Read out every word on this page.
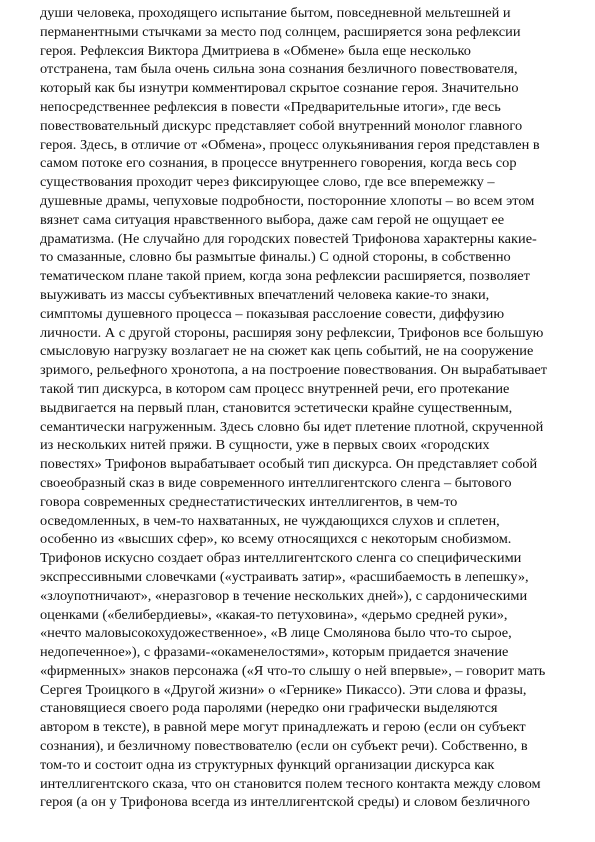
души человека, проходящего испытание бытом, повседневной мельтешней и
перманентными стычками за место под солнцем, расширяется зона рефлексии
героя. Рефлексия Виктора Дмитриева в «Обмене» была еще несколько
отстранена, там была очень сильна зона сознания безличного повествователя,
который как бы изнутри комментировал скрытое сознание героя. Значительно
непосредственнее рефлексия в повести «Предварительные итоги», где весь
повествовательный дискурс представляет собой внутренний монолог главного
героя. Здесь, в отличие от «Обмена», процесс олукьянивания героя представлен в
самом потоке его сознания, в процессе внутреннего говорения, когда весь сор
существования проходит через фиксирующее слово, где все вперемежку –
душевные драмы, чепуховые подробности, посторонние хлопоты – во всем этом
вязнет сама ситуация нравственного выбора, даже сам герой не ощущает ее
драматизма. (Не случайно для городских повестей Трифонова характерны какие-
то смазанные, словно бы размытые финалы.) С одной стороны, в собственно
тематическом плане такой прием, когда зона рефлексии расширяется, позволяет
выуживать из массы субъективных впечатлений человека какие-то знаки,
симптомы душевного процесса – показывая расслоение совести, диффузию
личности. А с другой стороны, расширяя зону рефлексии, Трифонов все большую
смысловую нагрузку возлагает не на сюжет как цепь событий, не на сооружение
зримого, рельефного хронотопа, а на построение повествования. Он вырабатывает
такой тип дискурса, в котором сам процесс внутренней речи, его протекание
выдвигается на первый план, становится эстетически крайне существенным,
семантически нагруженным. Здесь словно бы идет плетение плотной, скрученной
из нескольких нитей пряжи. В сущности, уже в первых своих «городских
повестях» Трифонов вырабатывает особый тип дискурса. Он представляет собой
своеобразный сказ в виде современного интеллигентского сленга – бытового
говора современных среднестатистических интеллигентов, в чем-то
осведомленных, в чем-то нахватанных, не чуждающихся слухов и сплетен,
особенно из «высших сфер», ко всему относящихся с некоторым снобизмом.
Трифонов искусно создает образ интеллигентского сленга со специфическими
экспрессивными словечками («устраивать затир», «расшибаемость в лепешку»,
«злоупотничают», «неразговор в течение нескольких дней»), с сардоническими
оценками («белибердиевы», «какая-то петуховина», «дерьмо средней руки»,
«нечто маловысокохудожественное», «В лице Смолянова было что-то сырое,
недопеченное»), с фразами-«окаменелостями», которым придается значение
«фирменных» знаков персонажа («Я что-то слышу о ней впервые», – говорит мать
Сергея Троицкого в «Другой жизни» о «Гернике» Пикассо). Эти слова и фразы,
становящиеся своего рода паролями (нередко они графически выделяются
автором в тексте), в равной мере могут принадлежать и герою (если он субъект
сознания), и безличному повествователю (если он субъект речи). Собственно, в
том-то и состоит одна из структурных функций организации дискурса как
интеллигентского сказа, что он становится полем тесного контакта между словом
героя (а он у Трифонова всегда из интеллигентской среды) и словом безличного
